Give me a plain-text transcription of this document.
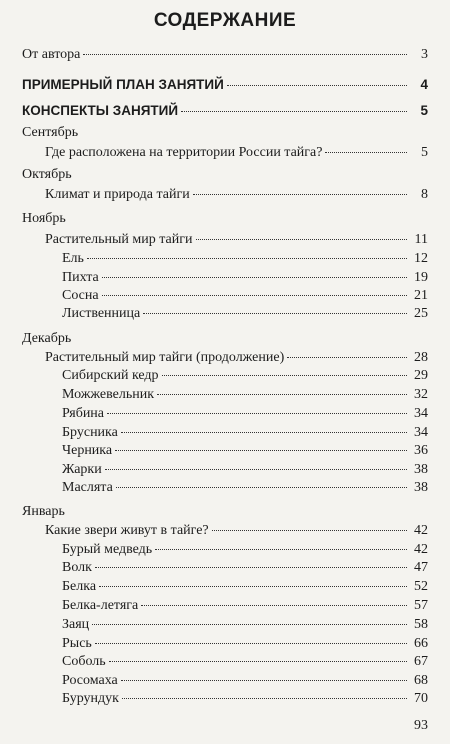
СОДЕРЖАНИЕ
От автора	3
ПРИМЕРНЫЙ ПЛАН ЗАНЯТИЙ	4
КОНСПЕКТЫ ЗАНЯТИЙ	5
Сентябрь
Где расположена на территории России тайга?	5
Октябрь
Климат и природа тайги	8
Ноябрь
Растительный мир тайги	11
Ель	12
Пихта	19
Сосна	21
Лиственница	25
Декабрь
Растительный мир тайги (продолжение)	28
Сибирский кедр	29
Можжевельник	32
Рябина	34
Брусника	34
Черника	36
Жарки	38
Маслята	38
Январь
Какие звери живут в тайге?	42
Бурый медведь	42
Волк	47
Белка	52
Белка-летяга	57
Заяц	58
Рысь	66
Соболь	67
Росомаха	68
Бурундук	70
93
